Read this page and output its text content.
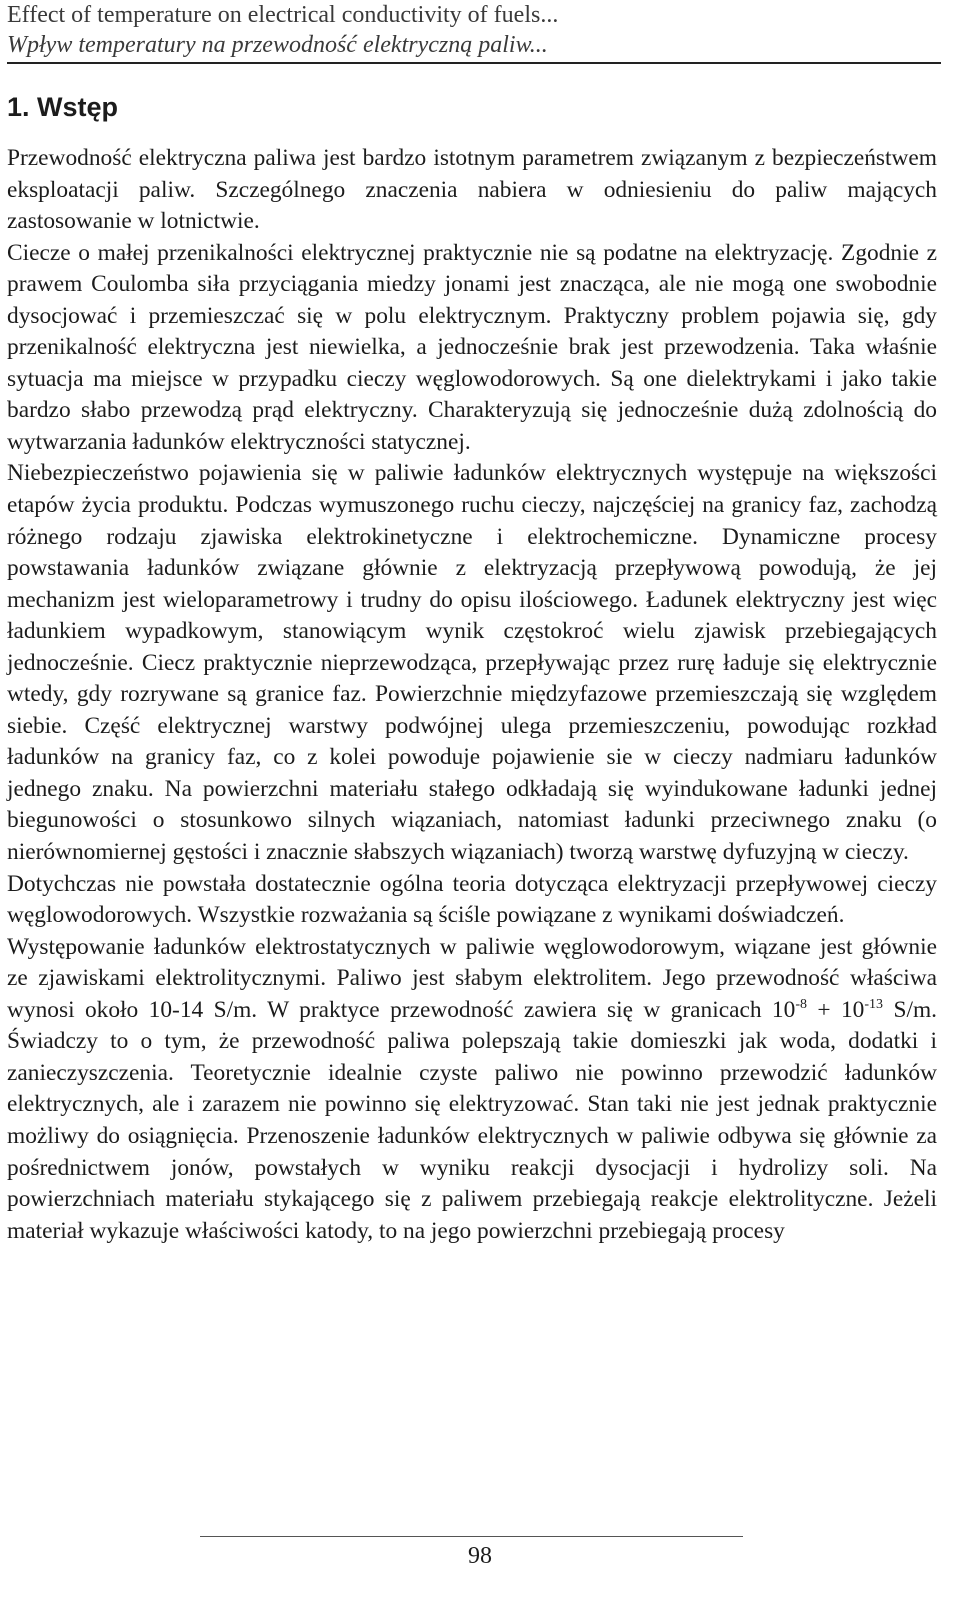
Effect of temperature on electrical conductivity of fuels...
Wpływ temperatury na przewodność elektryczną paliw...
1. Wstęp

Przewodność elektryczna paliwa jest bardzo istotnym parametrem związanym z bezpieczeństwem eksploatacji paliw. Szczególnego znaczenia nabiera w odniesieniu do paliw mających zastosowanie w lotnictwie.

Ciecze o małej przenikalności elektrycznej praktycznie nie są podatne na elektryzację. Zgodnie z prawem Coulomba siła przyciągania miedzy jonami jest znacząca, ale nie mogą one swobodnie dysocjować i przemieszczać się w polu elektrycznym. Praktyczny problem pojawia się, gdy przenikalność elektryczna jest niewielka, a jednocześnie brak jest przewodzenia. Taka właśnie sytuacja ma miejsce w przypadku cieczy węglowodorowych. Są one dielektrykami i jako takie bardzo słabo przewodzą prąd elektryczny. Charakteryzują się jednocześnie dużą zdolnością do wytwarzania ładunków elektryczności statycznej.

Niebezpieczeństwo pojawienia się w paliwie ładunków elektrycznych występuje na większości etapów życia produktu. Podczas wymuszonego ruchu cieczy, najczęściej na granicy faz, zachodzą różnego rodzaju zjawiska elektrokinetyczne i elektrochemiczne. Dynamiczne procesy powstawania ładunków związane głównie z elektryzacją przepływową powodują, że jej mechanizm jest wieloparametrowy i trudny do opisu ilościowego. Ładunek elektryczny jest więc ładunkiem wypadkowym, stanowiącym wynik częstokroć wielu zjawisk przebiegających jednocześnie. Ciecz praktycznie nieprzewodząca, przepływając przez rurę ładuje się elektrycznie wtedy, gdy rozrywane są granice faz. Powierzchnie międzyfazowe przemieszczają się względem siebie. Część elektrycznej warstwy podwójnej ulega przemieszczeniu, powodując rozkład ładunków na granicy faz, co z kolei powoduje pojawienie sie w cieczy nadmiaru ładunków jednego znaku. Na powierzchni materiału stałego odkładają się wyindukowane ładunki jednej biegunowości o stosunkowo silnych wiązaniach, natomiast ładunki przeciwnego znaku (o nierównomiernej gęstości i znacznie słabszych wiązaniach) tworzą warstwę dyfuzyjną w cieczy.

Dotychczas nie powstała dostatecznie ogólna teoria dotycząca elektryzacji przepływowej cieczy węglowodorowych. Wszystkie rozważania są ściśle powiązane z wynikami doświadczeń.

Występowanie ładunków elektrostatycznych w paliwie węglowodorowym, wiązane jest głównie ze zjawiskami elektrolitycznymi. Paliwo jest słabym elektrolitem. Jego przewodność właściwa wynosi około 10-14 S/m. W praktyce przewodność zawiera się w granicach $10^{-8} + 10^{-13}$ S/m. Świadczy to o tym, że przewodność paliwa polepszają takie domieszki jak woda, dodatki i zanieczyszczenia. Teoretycznie idealnie czyste paliwo nie powinno przewodzić ładunków elektrycznych, ale i zarazem nie powinno się elektryzować. Stan taki nie jest jednak praktycznie możliwy do osiągnięcia. Przenoszenie ładunków elektrycznych w paliwie odbywa się głównie za pośrednictwem jonów, powstałych w wyniku reakcji dysocjacji i hydrolizy soli. Na powierzchniach materiału stykającego się z paliwem przebiegają reakcje elektrolityczne. Jeżeli materiał wykazuje właściwości katody, to na jego powierzchni przebiegają procesy

98
